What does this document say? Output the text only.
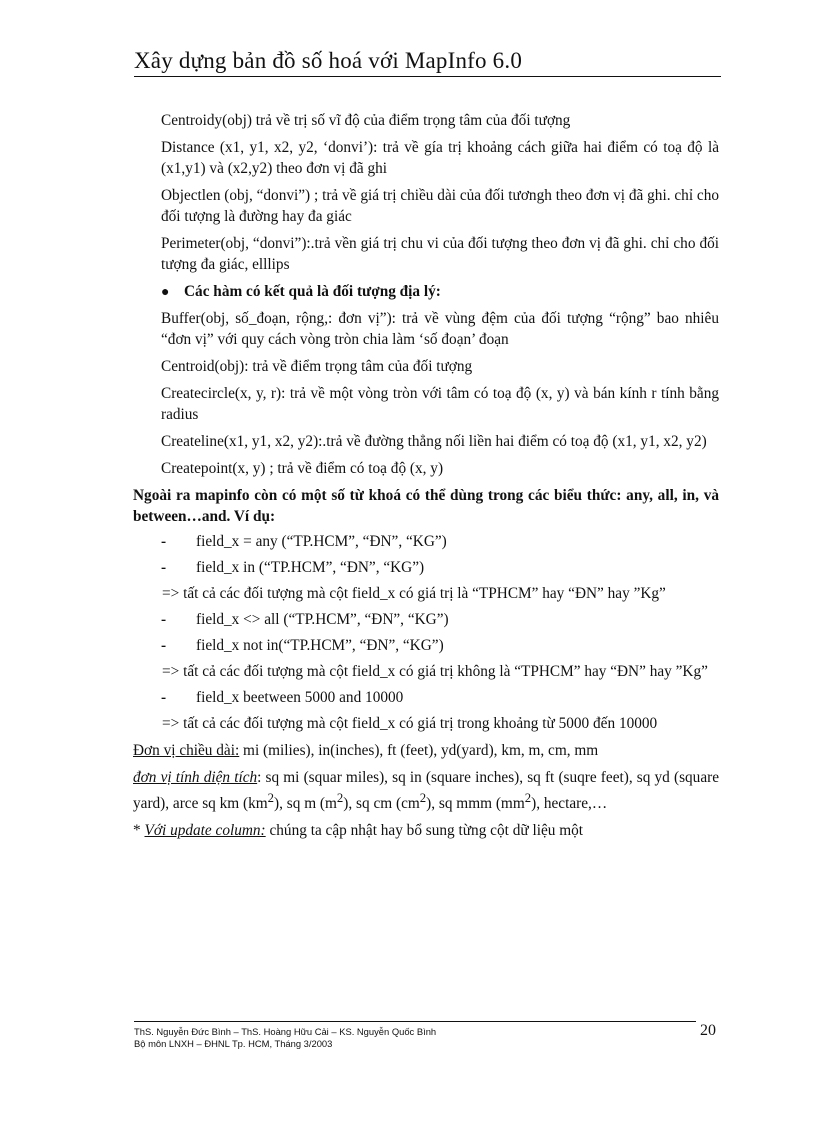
Xây dựng bản đồ số hoá với MapInfo 6.0

Centroidy(obj) trả về trị số vĩ độ của điểm trọng tâm của đối tượng

Distance (x1, y1, x2, y2, ‘donvi’): trả về gía trị khoảng cách giữa hai điểm có toạ độ là (x1,y1) và (x2,y2) theo đơn vị đã ghi

Objectlen (obj, “donvi”) ; trả về giá trị chiều dài của đối tươngh theo đơn vị đã ghi. chỉ cho đối tượng là đường hay đa giác

Perimeter(obj, “donvi”):.trả vền giá trị chu vi của đối tượng theo đơn vị đã ghi. chỉ cho đối tượng đa giác, elllips

● Các hàm có kết quả là đối tượng địa lý:

Buffer(obj, số_đoạn, rộng,: đơn vị”): trả về vùng đệm của đối tượng “rộng” bao nhiêu “đơn vị” với quy cách vòng tròn chia làm ‘số đoạn’ đoạn

Centroid(obj): trả về điểm trọng tâm của đối tượng

Createcircle(x, y, r): trả về một vòng tròn với tâm có toạ độ (x, y) và bán kính r tính bằng radius

Createline(x1, y1, x2, y2):.trả về đường thẳng nối liền hai điểm có toạ độ (x1, y1, x2, y2)

Createpoint(x, y) ; trả về điểm có toạ độ (x, y)

Ngoài ra mapinfo còn có một số từ khoá có thể dùng trong các biểu thức: any, all, in, và between…and. Ví dụ:

-	field_x = any (“TP.HCM”, “ĐN”, “KG”)
-	field_x in (“TP.HCM”, “ĐN”, “KG”)

=> tất cả các đối tượng mà cột field_x có giá trị là “TPHCM” hay “ĐN” hay ”Kg”

-	field_x <> all (“TP.HCM”, “ĐN”, “KG”)
-	field_x not in(“TP.HCM”, “ĐN”, “KG”)

=> tất cả các đối tượng mà cột field_x có giá trị không là “TPHCM” hay “ĐN” hay ”Kg”

-	field_x beetween 5000 and 10000

=> tất cả các đối tượng mà cột field_x có giá trị trong khoảng từ 5000 đến 10000

Đơn vị chiều dài: mi (milies), in(inches), ft (feet), yd(yard), km, m, cm, mm

đơn vị tính diện tích: sq mi (squar miles), sq in (square inches), sq ft (suqre feet), sq yd (square yard), arce sq km $(km^2)$, sq m $(m^2)$, sq cm $(cm^2)$, sq mmm $(mm^2)$, hectare,…

* Với update column: chúng ta cập nhật hay bổ sung từng cột dữ liệu một

ThS. Nguyễn Đức Bình – ThS. Hoàng Hữu Cải – KS. Nguyễn Quốc Bình
Bộ môn LNXH – ĐHNL Tp. HCM, Tháng 3/2003
20
